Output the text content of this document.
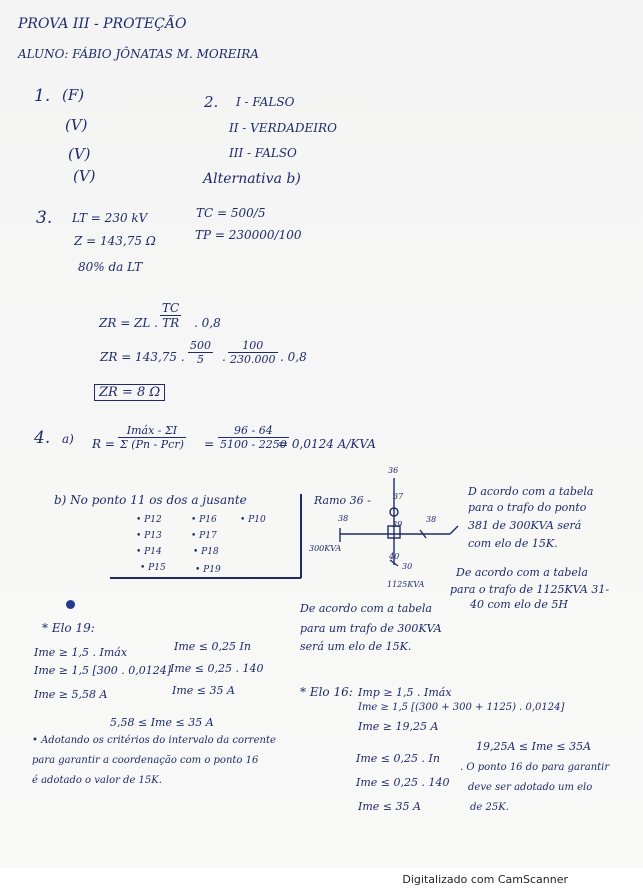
PROVA III - PROTEÇÃO
ALUNO: FÁBIO JÔNATAS M. MOREIRA
1. (F)
(V)
(V)
(V)
2. I - FALSO
II - VERDADEIRO
III - FALSO
Alternativa b)
3. LT = 230 kV
Z = 143,75 Ω
80% da LT
TC = 500/5
TP = 230000/100
ZR = ZL . $\frac{TC}{TR}$ . 0,8
ZR = 143,75 . $\frac{500}{5}$ . $\frac{100}{230.000}$ . 0,8
ZR = 8 Ω
4. a) R =
Imáx - ΣI
Σ $(Pn - Pcr) = \frac{96 - 64}{5100 - 2250}$
= 0,0124 A/KVA
b) No ponto 11 os dos a jusante
• P12
• P13
• P14
• P15
• P16
• P17
• P18
• P19
• P10
Ramo 36 -
36
38
37
38
39
40
30
300KVA
1125KVA
D acordo com a tabela
para o trafo do ponto
381 de 300KVA será
com elo de 15K.
De acordo com a tabela
para o trafo de 1125KVA 31-
40 com elo de 5H
De acordo com a tabela
para um trafo de 300KVA
será um elo de 15K.
* Elo 19:
Ime ≥ 1,5 . Imáx
Ime ≥ 1,5 [300 . 0,0124]
Ime ≥ 5,58 A
Ime ≤ 0,25 In
Ime ≤ 0,25 . 140
Ime ≤ 35 A
5,58 ≤ Ime ≤ 35 A
• Adotando os critérios do intervalo da corrente
para garantir a coordenação com o ponto 16
é adotado o valor de 15K.
* Elo 16: Imp ≥ 1,5 . Imáx
Ime ≥ 1,5 [(300 + 300 + 1125) . 0,0124]
Ime ≥ 19,25 A
Ime ≤ 0,25 . In
Ime ≤ 0,25 . 140
Ime ≤ 35 A
19,25A ≤ Ime ≤ 35A
. O ponto 16 do para garantir
deve ser adotado um elo
de 25K.
Digitalizado com CamScanner
